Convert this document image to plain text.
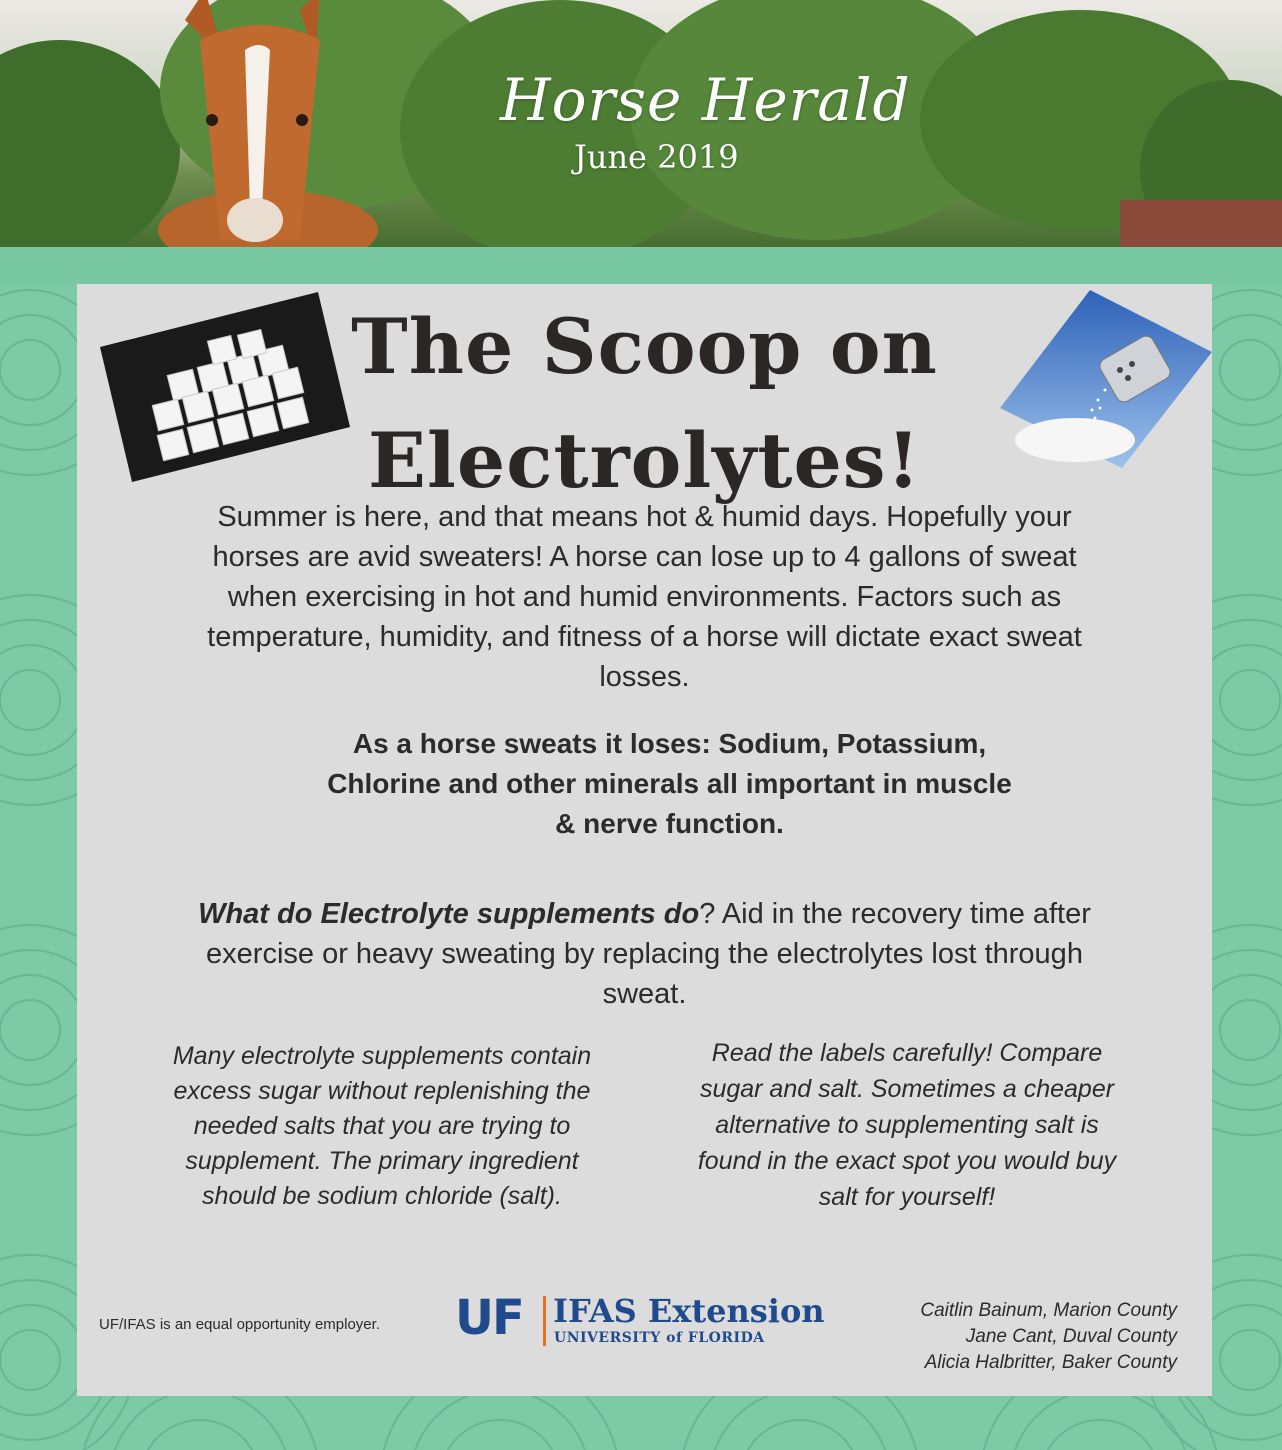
Horse Herald
June 2019
The Scoop on
Electrolytes!
Summer is here, and that means hot & humid days. Hopefully your horses are avid sweaters! A horse can lose up to 4 gallons of sweat when exercising in hot and humid environments. Factors such as temperature, humidity, and fitness of a horse will dictate exact sweat losses.
As a horse sweats it loses: Sodium, Potassium, Chlorine and other minerals all important in muscle & nerve function.
What do Electrolyte supplements do? Aid in the recovery time after exercise or heavy sweating by replacing the electrolytes lost through sweat.
Many electrolyte supplements contain excess sugar without replenishing the needed salts that you are trying to supplement. The primary ingredient should be sodium chloride (salt).
Read the labels carefully! Compare sugar and salt. Sometimes a cheaper alternative to supplementing salt is found in the exact spot you would buy salt for yourself!
UF/IFAS is an equal opportunity employer. UF IFAS Extension
UNIVERSITY of FLORIDA
Caitlin Bainum, Marion County
Jane Cant, Duval County
Alicia Halbritter, Baker County
